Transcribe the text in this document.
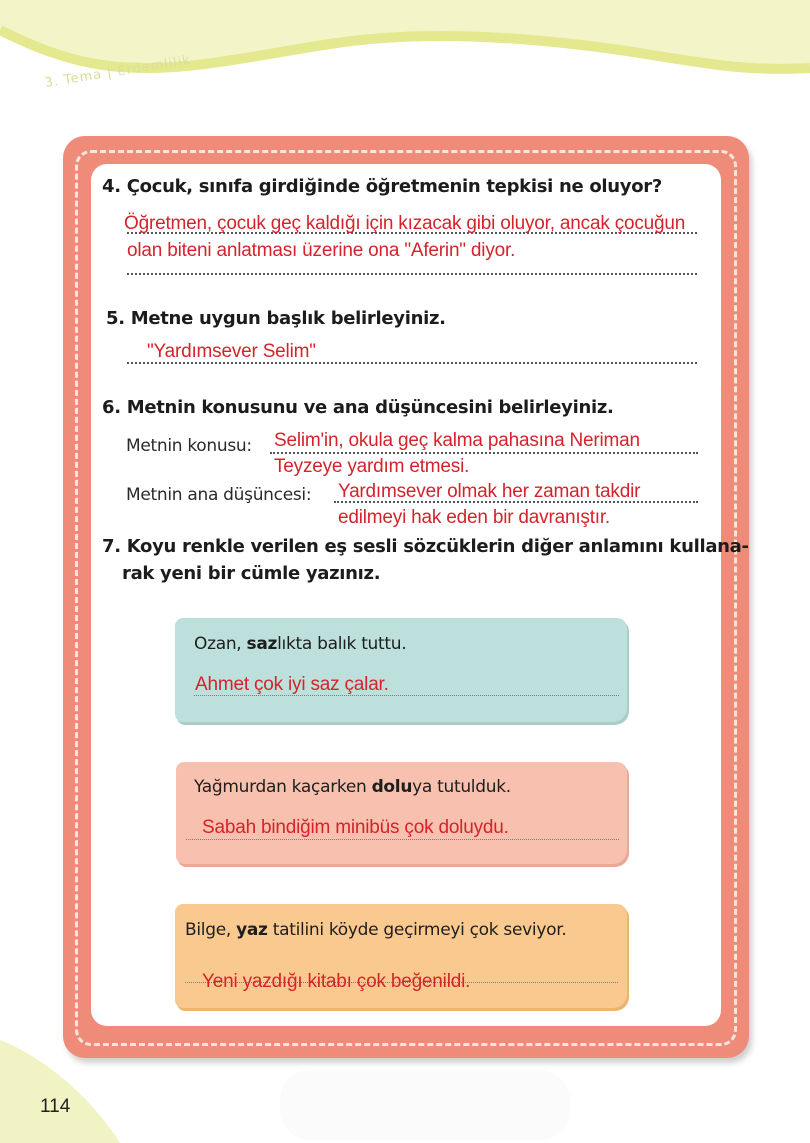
3. Tema | Erdemlilik
4. Çocuk, sınıfa girdiğinde öğretmenin tepkisi ne oluyor?
Öğretmen, çocuk geç kaldığı için kızacak gibi oluyor, ancak çocuğun
olan biteni anlatması üzerine ona "Aferin" diyor.
5. Metne uygun başlık belirleyiniz.
"Yardımsever Selim"
6. Metnin konusunu ve ana düşüncesini belirleyiniz.
Metnin konusu: Selim'in, okula geç kalma pahasına Neriman
Teyzeye yardım etmesi.
Metnin ana düşüncesi: Yardımsever olmak her zaman takdir
edilmeyi hak eden bir davranıştır.
7. Koyu renkle verilen eş sesli sözcüklerin diğer anlamını kullana-
rak yeni bir cümle yazınız.
Ozan, sazlıkta balık tuttu.
Ahmet çok iyi saz çalar.
Yağmurdan kaçarken doluya tutulduk.
Sabah bindiğim minibüs çok doluydu.
Bilge, yaz tatilini köyde geçirmeyi çok seviyor.
Yeni yazdığı kitabı çok beğenildi.
114
